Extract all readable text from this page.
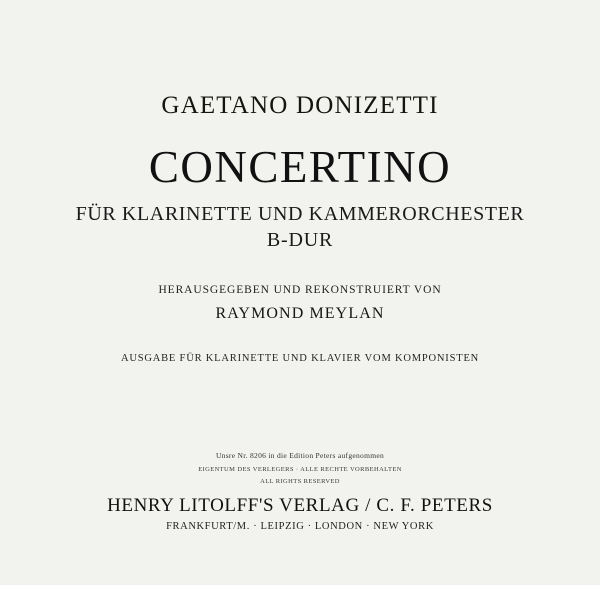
GAETANO DONIZETTI
CONCERTINO
FÜR KLARINETTE UND KAMMERORCHESTER
B-DUR
HERAUSGEGEBEN UND REKONSTRUIERT VON
RAYMOND MEYLAN
AUSGABE FÜR KLARINETTE UND KLAVIER VOM KOMPONISTEN
Unsre Nr. 8206 in die Edition Peters aufgenommen
EIGENTUM DES VERLEGERS · ALLE RECHTE VORBEHALTEN
ALL RIGHTS RESERVED
HENRY LITOLFF'S VERLAG / C. F. PETERS
FRANKFURT/M. · LEIPZIG · LONDON · NEW YORK
